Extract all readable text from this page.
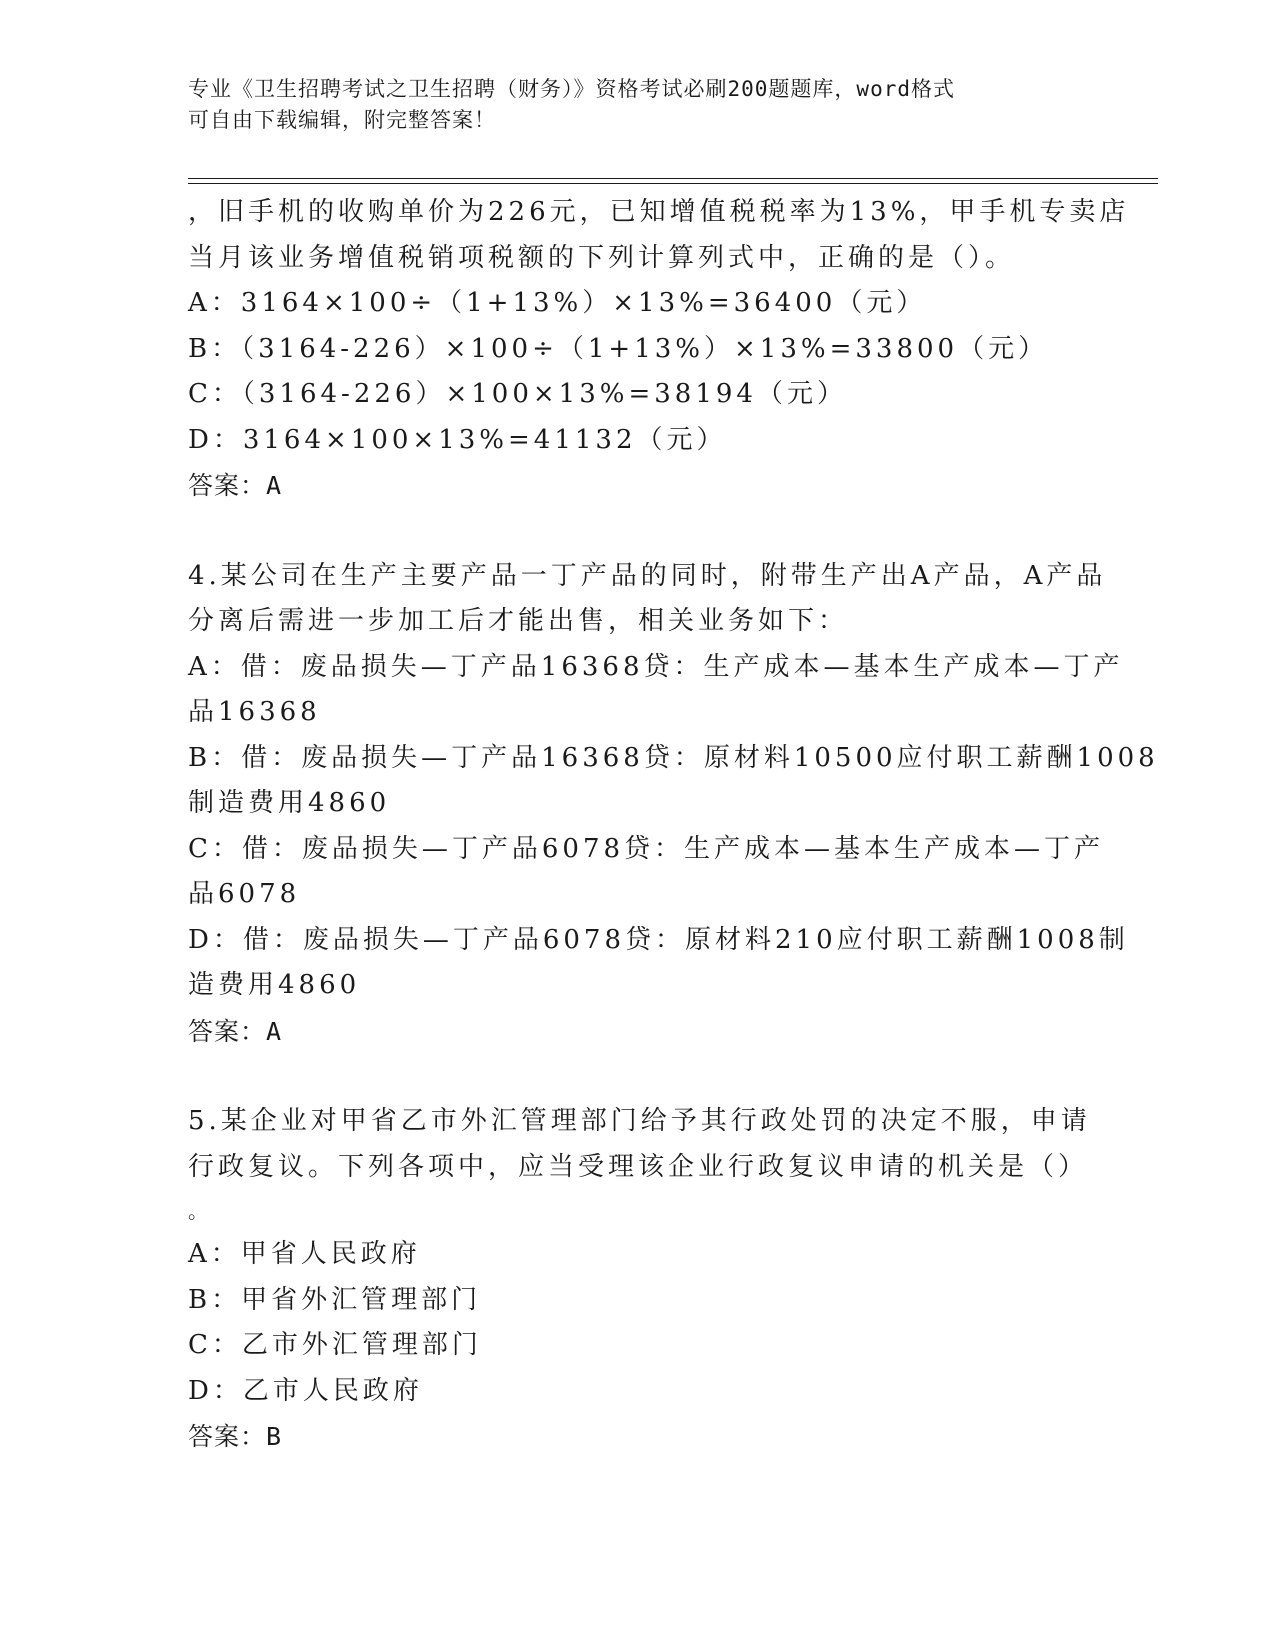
专业《卫生招聘考试之卫生招聘（财务）》资格考试必刷200题题库，word格式
可自由下载编辑，附完整答案！
，旧手机的收购单价为226元，已知增值税税率为13%，甲手机专卖店
当月该业务增值税销项税额的下列计算列式中，正确的是（）。
A：3164×100÷（1+13%）×13%=36400（元）
B：（3164-226）×100÷（1+13%）×13%=33800（元）
C：（3164-226）×100×13%=38194（元）
D：3164×100×13%=41132（元）
答案：A
4.某公司在生产主要产品一丁产品的同时，附带生产出A产品，A产品
分离后需进一步加工后才能出售，相关业务如下：
A：借：废品损失—丁产品16368贷：生产成本—基本生产成本—丁产
品16368
B：借：废品损失—丁产品16368贷：原材料10500应付职工薪酬1008
制造费用4860
C：借：废品损失—丁产品6078贷：生产成本—基本生产成本—丁产
品6078
D：借：废品损失—丁产品6078贷：原材料210应付职工薪酬1008制
造费用4860
答案：A
5.某企业对甲省乙市外汇管理部门给予其行政处罚的决定不服，申请
行政复议。下列各项中，应当受理该企业行政复议申请的机关是（）
。
A：甲省人民政府
B：甲省外汇管理部门
C：乙市外汇管理部门
D：乙市人民政府
答案：B
